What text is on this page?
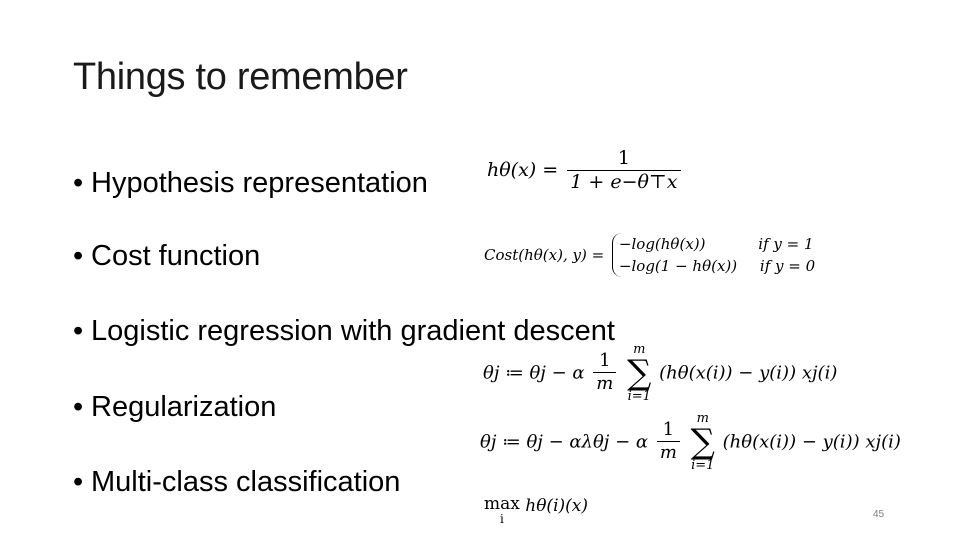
Things to remember
• Hypothesis representation
• Cost function
• Logistic regression with gradient descent
• Regularization
• Multi-class classification
$h\theta(x) = \frac{1}{1 + e-\theta⊤x}$
Cost(hθ(x), y) =
−log(hθ(x))	if y = 1
−log(1 − hθ(x)) if y = 0
θj ≔ θj − α $\frac{1}{m}$

m
∑
i=1
(hθ(x(i)) − y(i)) xj(i)
θj ≔ θj − αλθj − α $\frac{1}{m}$

m
∑
i=1
(hθ(x(i)) − y(i)) xj(i)
max
i
hθ(i)(x)	45
